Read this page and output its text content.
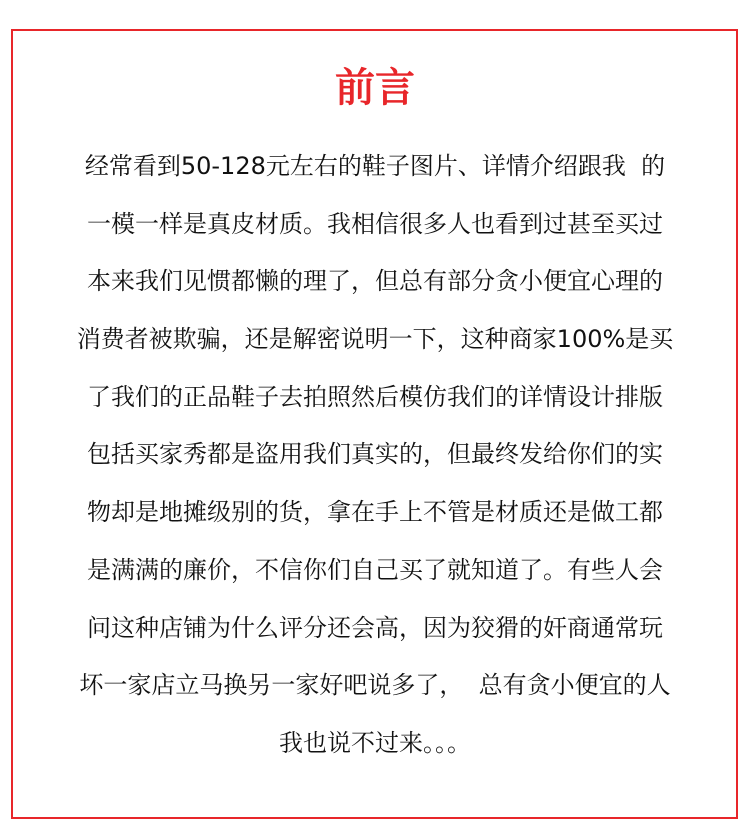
前言
经常看到50-128元左右的鞋子图片、详情介绍跟我  的
一模一样是真皮材质。我相信很多人也看到过甚至买过
本来我们见惯都懒的理了，但总有部分贪小便宜心理的
消费者被欺骗，还是解密说明一下，这种商家100%是买
了我们的正品鞋子去拍照然后模仿我们的详情设计排版
包括买家秀都是盗用我们真实的，但最终发给你们的实
物却是地摊级别的货，拿在手上不管是材质还是做工都
是满满的廉价，不信你们自己买了就知道了。有些人会
问这种店铺为什么评分还会高，因为狡猾的奸商通常玩
坏一家店立马换另一家好吧说多了，  总有贪小便宜的人
我也说不过来。。。
